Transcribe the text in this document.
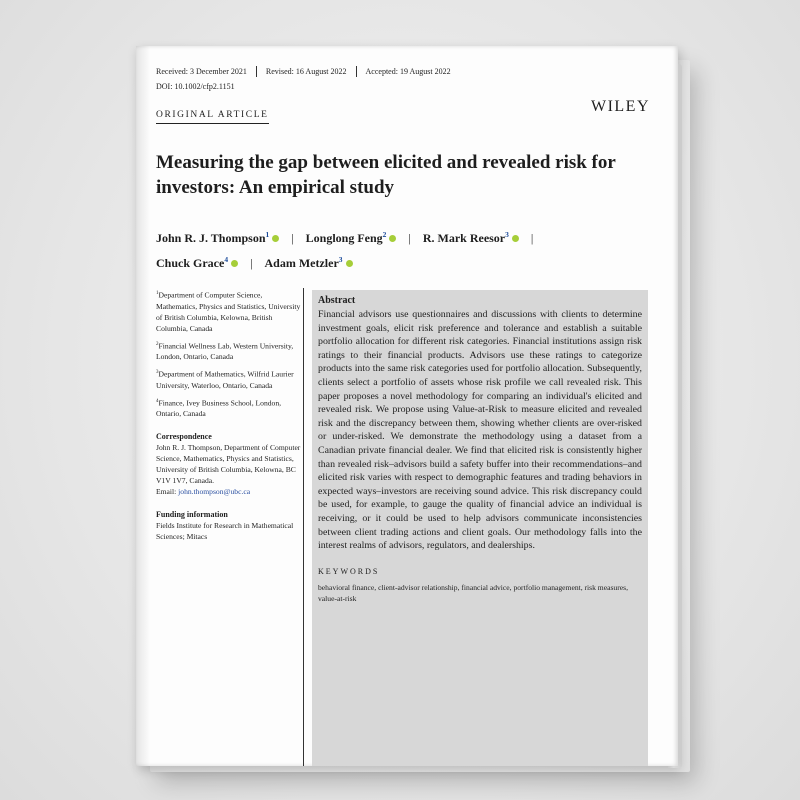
Received: 3 December 2021 Revised: 16 August 2022 Accepted: 19 August 2022
DOI: 10.1002/cfp2.1151
WILEY
ORIGINAL ARTICLE
Measuring the gap between elicited and revealed risk for investors: An empirical study
John R. J. Thompson$^1$ | Longlong Feng$^2$ | R. Mark Reesor$^3$ |
Chuck Grace$^4$ | Adam Metzler$^3$
$^1$Department of Computer Science, Mathematics, Physics and Statistics, University of British Columbia, Kelowna, British Columbia, Canada
$^2$Financial Wellness Lab, Western University, London, Ontario, Canada
$^3$Department of Mathematics, Wilfrid Laurier University, Waterloo, Ontario, Canada
$^4$Finance, Ivey Business School, London, Ontario, Canada
Correspondence
John R. J. Thompson, Department of Computer Science, Mathematics, Physics and Statistics, University of British Columbia, Kelowna, BC V1V 1V7, Canada.
Email: john.thompson@ubc.ca
Funding information
Fields Institute for Research in Mathematical Sciences; Mitacs
Abstract
Financial advisors use questionnaires and discussions with clients to determine investment goals, elicit risk preference and tolerance and establish a suitable portfolio allocation for different risk categories. Financial institutions assign risk ratings to their financial products. Advisors use these ratings to categorize products into the same risk categories used for portfolio allocation. Subsequently, clients select a portfolio of assets whose risk profile we call revealed risk. This paper proposes a novel methodology for comparing an individual's elicited and revealed risk. We propose using Value-at-Risk to measure elicited and revealed risk and the discrepancy between them, showing whether clients are over-risked or under-risked. We demonstrate the methodology using a dataset from a Canadian private financial dealer. We find that elicited risk is consistently higher than revealed risk–advisors build a safety buffer into their recommendations–and elicited risk varies with respect to demographic features and trading behaviors in expected ways–investors are receiving sound advice. This risk discrepancy could be used, for example, to gauge the quality of financial advice an individual is receiving, or it could be used to help advisors communicate inconsistencies between client trading actions and client goals. Our methodology falls into the interest realms of advisors, regulators, and dealerships.
KEYWORDS
behavioral finance, client-advisor relationship, financial advice, portfolio management, risk measures, value-at-risk
